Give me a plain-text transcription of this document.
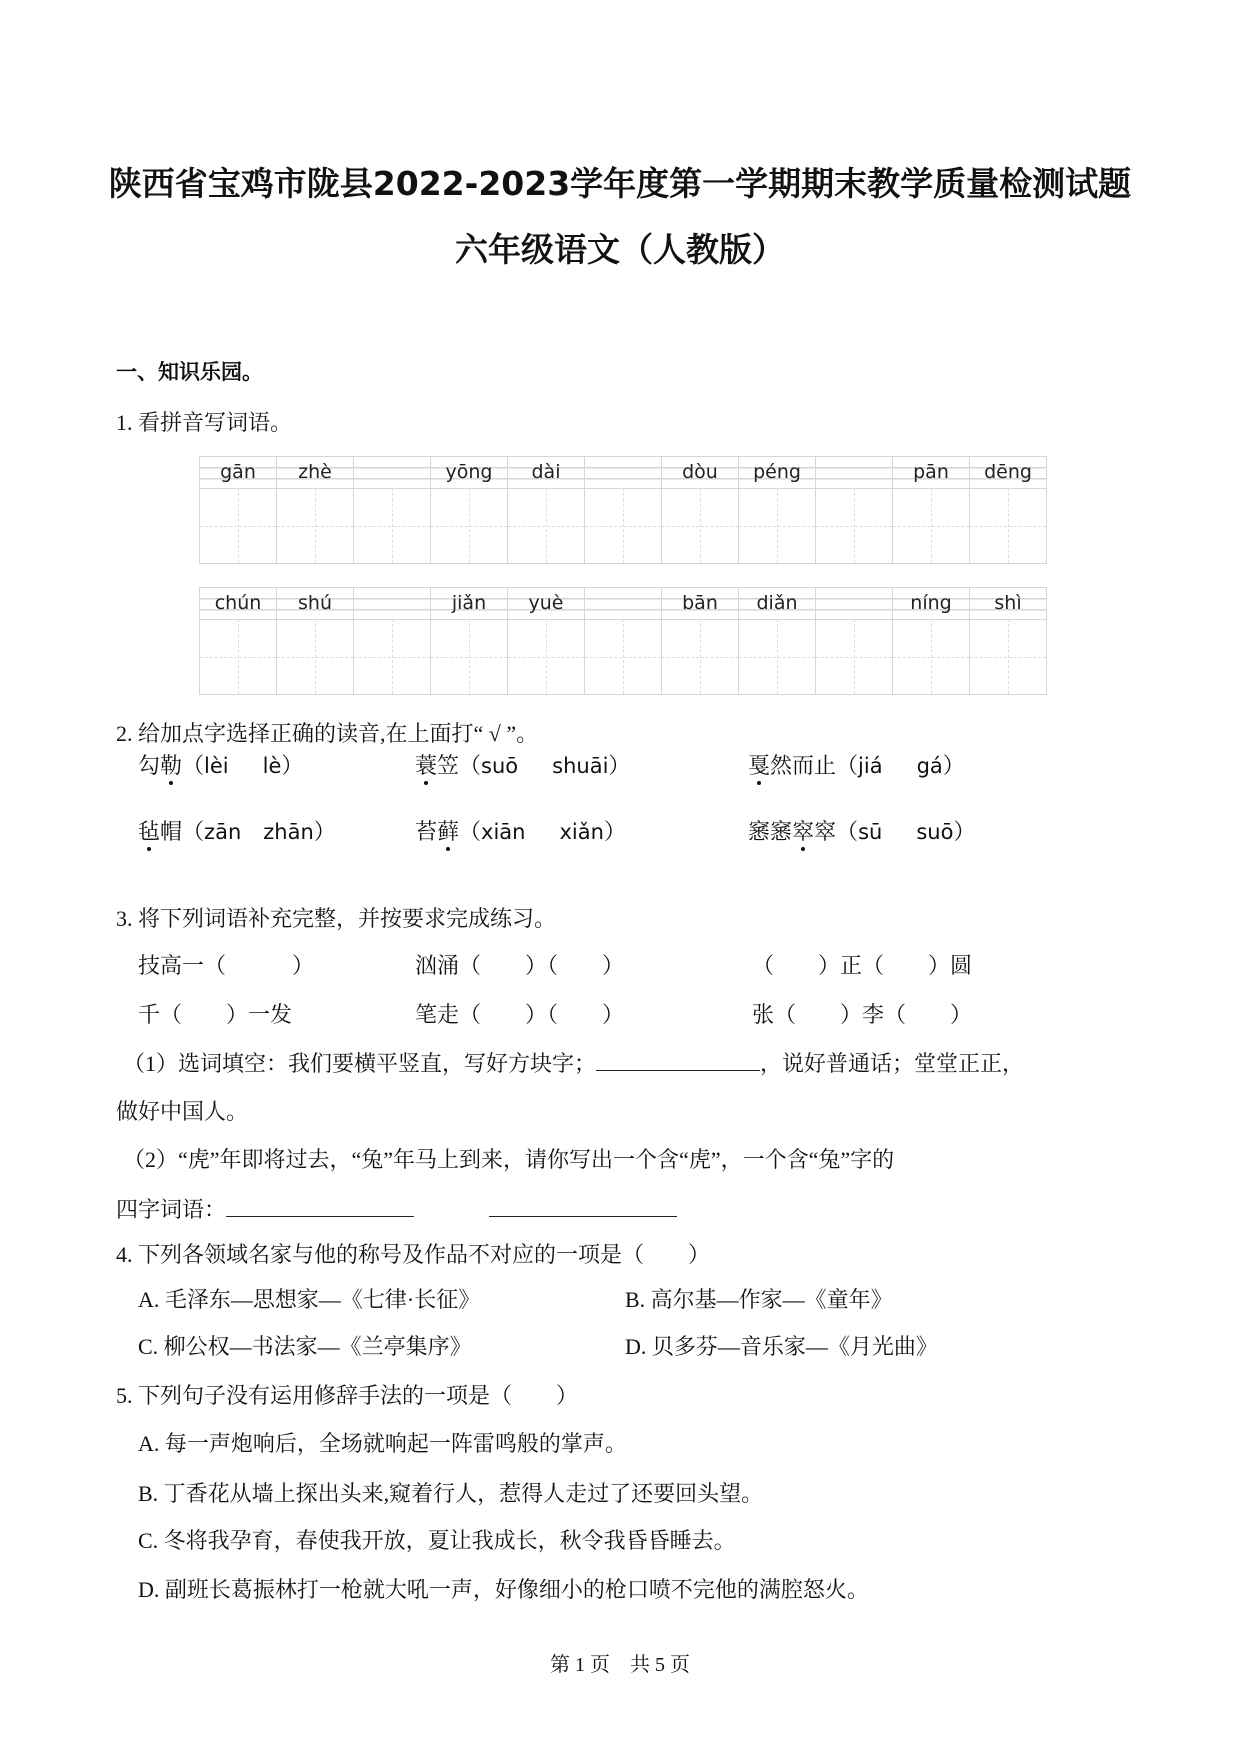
陕西省宝鸡市陇县2022-2023学年度第一学期期末教学质量检测试题
六年级语文（人教版）
一、知识乐园。
1. 看拼音写词语。
gān	zhè	yōng	dài	dòu	péng	pān	dēng
chún	shú	jiǎn	yuè	bān	diǎn	níng	shì
2. 给加点字选择正确的读音,在上面打“ √ ”。
勾勒（lèi lè）	蓑笠（suō shuāi）	戛然而止（jiá gá）
毡帽（zān zhān）	苔藓（xiān xiǎn）	窸窸窣窣（sū suō）
3. 将下列词语补充完整，并按要求完成练习。
技高一（　　　）	汹涌（　　）（　　）	（　　）正（　　）圆
千（　　）一发	笔走（　　）（　　）	张（　　）李（　　）
（1）选词填空：我们要横平竖直，写好方块字；	，说好普通话；堂堂正正，
做好中国人。
（2）“虎”年即将过去，“兔”年马上到来，请你写出一个含“虎”，一个含“兔”字的
四字词语：
4. 下列各领域名家与他的称号及作品不对应的一项是（　　）
A. 毛泽东—思想家—《七律·长征》	B. 高尔基—作家—《童年》
C. 柳公权—书法家—《兰亭集序》	D. 贝多芬—音乐家—《月光曲》
5. 下列句子没有运用修辞手法的一项是（　　）
A. 每一声炮响后，全场就响起一阵雷鸣般的掌声。
B. 丁香花从墙上探出头来,窥着行人，惹得人走过了还要回头望。
C. 冬将我孕育，春使我开放，夏让我成长，秋令我昏昏睡去。
D. 副班长葛振林打一枪就大吼一声，好像细小的枪口喷不完他的满腔怒火。
第 1 页　共 5 页
